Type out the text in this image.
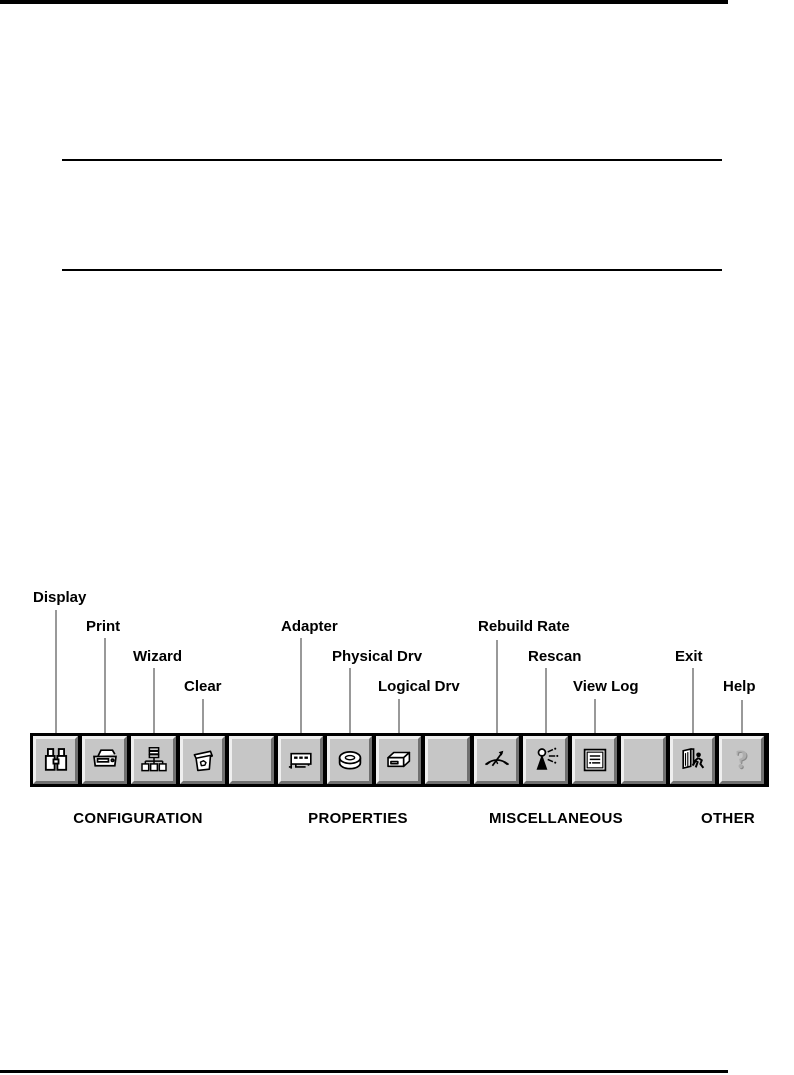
Display
Print
Wizard
Clear
Adapter
Physical Drv
Logical Drv
Rebuild Rate
Rescan
View Log
Exit
Help
?
CONFIGURATION	PROPERTIES	MISCELLANEOUS	OTHER
